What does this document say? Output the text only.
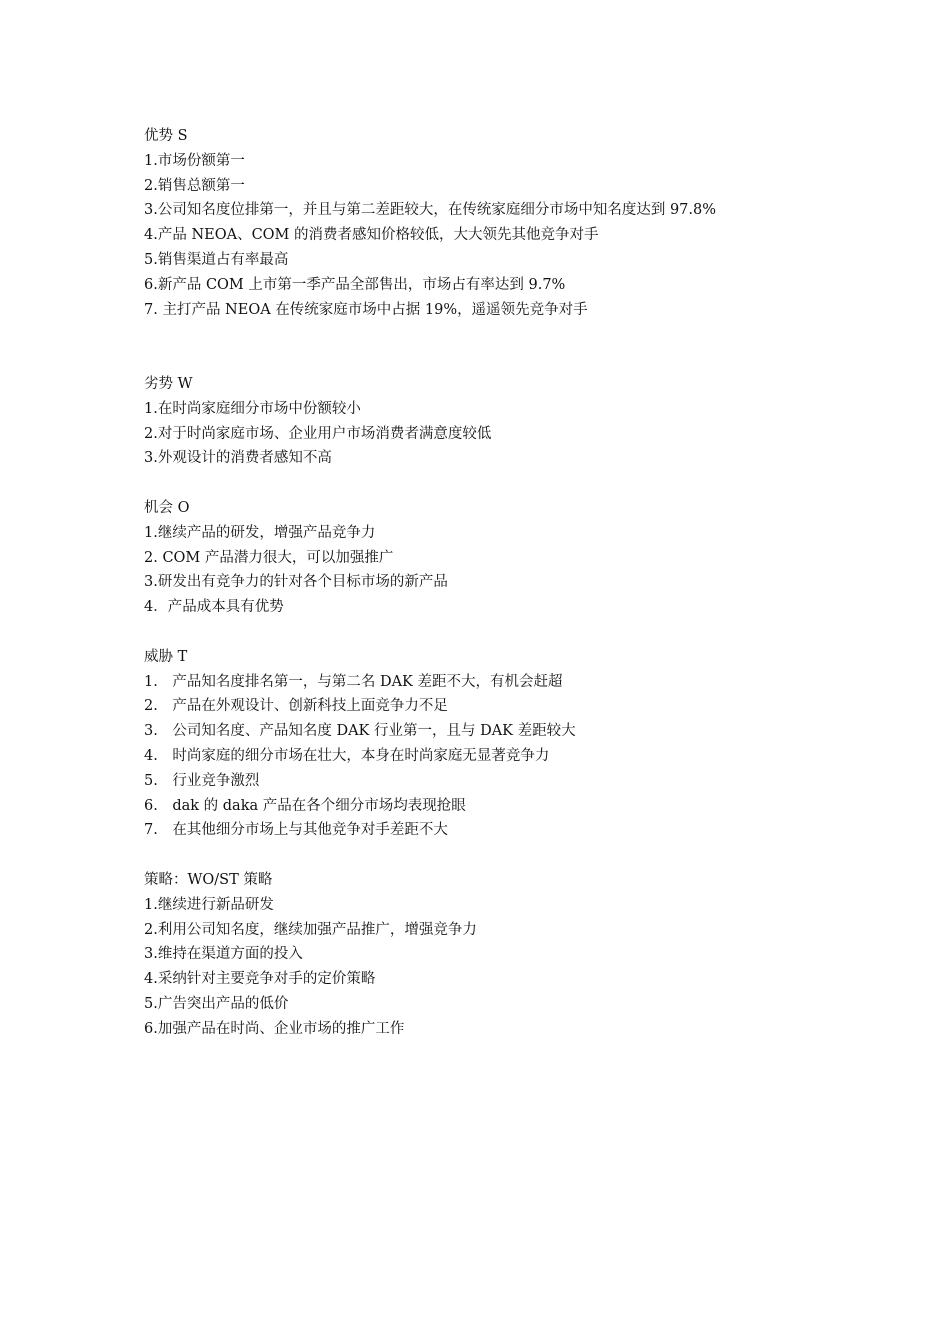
优势 S
1.市场份额第一
2.销售总额第一
3.公司知名度位排第一，并且与第二差距较大，在传统家庭细分市场中知名度达到 97.8%
4.产品 NEOA、COM 的消费者感知价格较低，大大领先其他竞争对手
5.销售渠道占有率最高
6.新产品 COM 上市第一季产品全部售出，市场占有率达到 9.7%
7. 主打产品 NEOA 在传统家庭市场中占据 19%，遥遥领先竞争对手
劣势 W
1.在时尚家庭细分市场中份额较小
2.对于时尚家庭市场、企业用户市场消费者满意度较低
3.外观设计的消费者感知不高
机会 O
1.继续产品的研发，增强产品竞争力
2. COM 产品潜力很大，可以加强推广
3.研发出有竞争力的针对各个目标市场的新产品
4．产品成本具有优势
威胁 T
1.　产品知名度排名第一，与第二名 DAK 差距不大，有机会赶超
2.　产品在外观设计、创新科技上面竞争力不足
3.　公司知名度、产品知名度 DAK 行业第一，且与 DAK 差距较大
4.　时尚家庭的细分市场在壮大，本身在时尚家庭无显著竞争力
5.　行业竞争激烈
6.　dak 的 daka 产品在各个细分市场均表现抢眼
7.　在其他细分市场上与其他竞争对手差距不大
策略：WO/ST 策略
1.继续进行新品研发
2.利用公司知名度，继续加强产品推广，增强竞争力
3.维持在渠道方面的投入
4.采纳针对主要竞争对手的定价策略
5.广告突出产品的低价
6.加强产品在时尚、企业市场的推广工作
